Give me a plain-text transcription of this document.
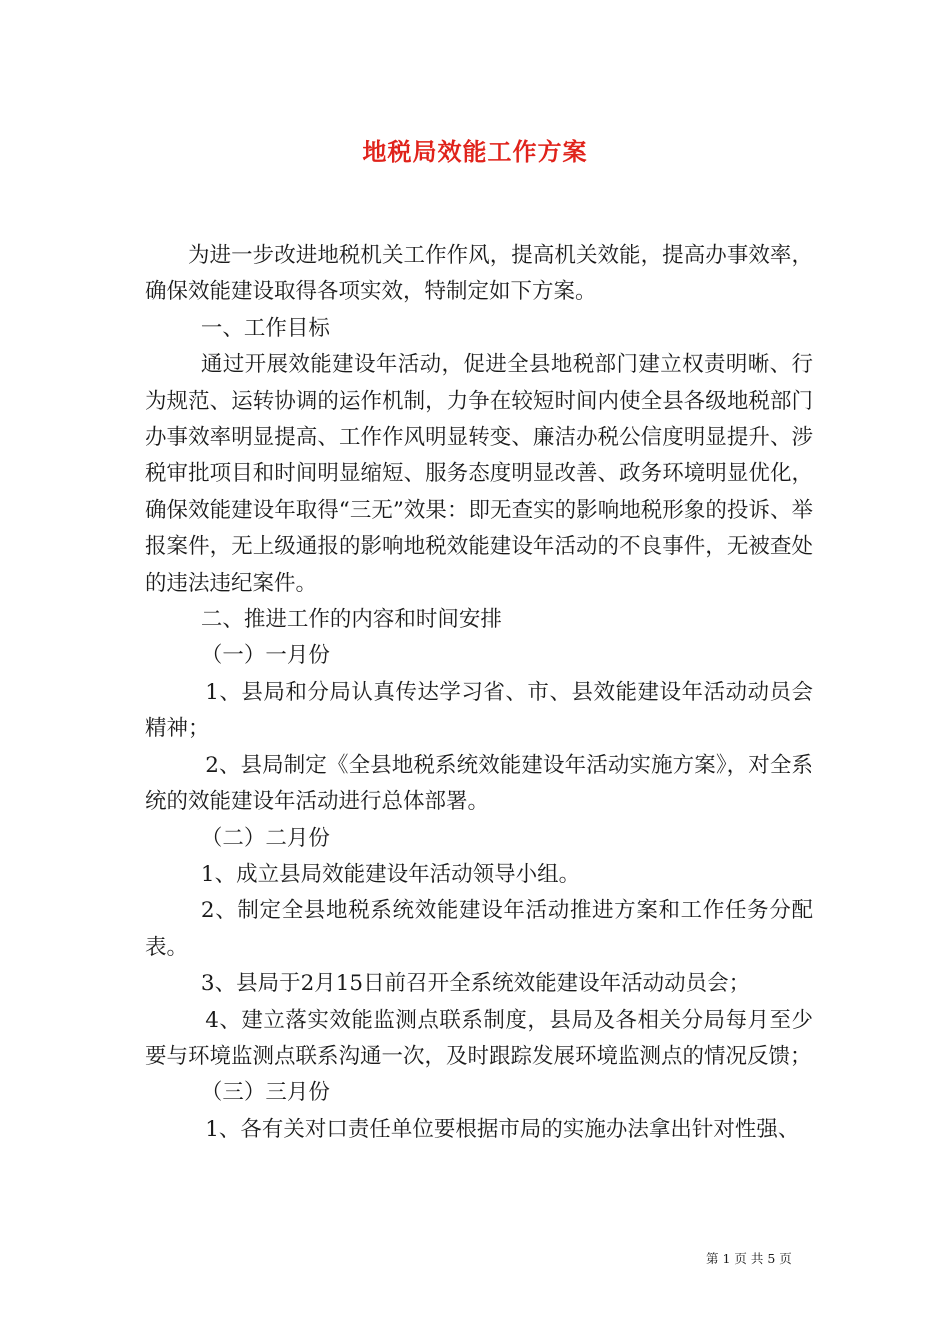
地税局效能工作方案

为进一步改进地税机关工作作风，提高机关效能，提高办事效率，确保效能建设取得各项实效，特制定如下方案。

一、工作目标

通过开展效能建设年活动，促进全县地税部门建立权责明晰、行为规范、运转协调的运作机制，力争在较短时间内使全县各级地税部门办事效率明显提高、工作作风明显转变、廉洁办税公信度明显提升、涉税审批项目和时间明显缩短、服务态度明显改善、政务环境明显优化，确保效能建设年取得“三无”效果：即无查实的影响地税形象的投诉、举报案件，无上级通报的影响地税效能建设年活动的不良事件，无被查处的违法违纪案件。

二、推进工作的内容和时间安排

（一）一月份

1、县局和分局认真传达学习省、市、县效能建设年活动动员会精神；

2、县局制定《全县地税系统效能建设年活动实施方案》，对全系统的效能建设年活动进行总体部署。

（二）二月份

1、成立县局效能建设年活动领导小组。

2、制定全县地税系统效能建设年活动推进方案和工作任务分配表。

3、县局于2月15日前召开全系统效能建设年活动动员会；

4、建立落实效能监测点联系制度，县局及各相关分局每月至少要与环境监测点联系沟通一次，及时跟踪发展环境监测点的情况反馈；

（三）三月份

1、各有关对口责任单位要根据市局的实施办法拿出针对性强、

第 1 页 共 5 页
